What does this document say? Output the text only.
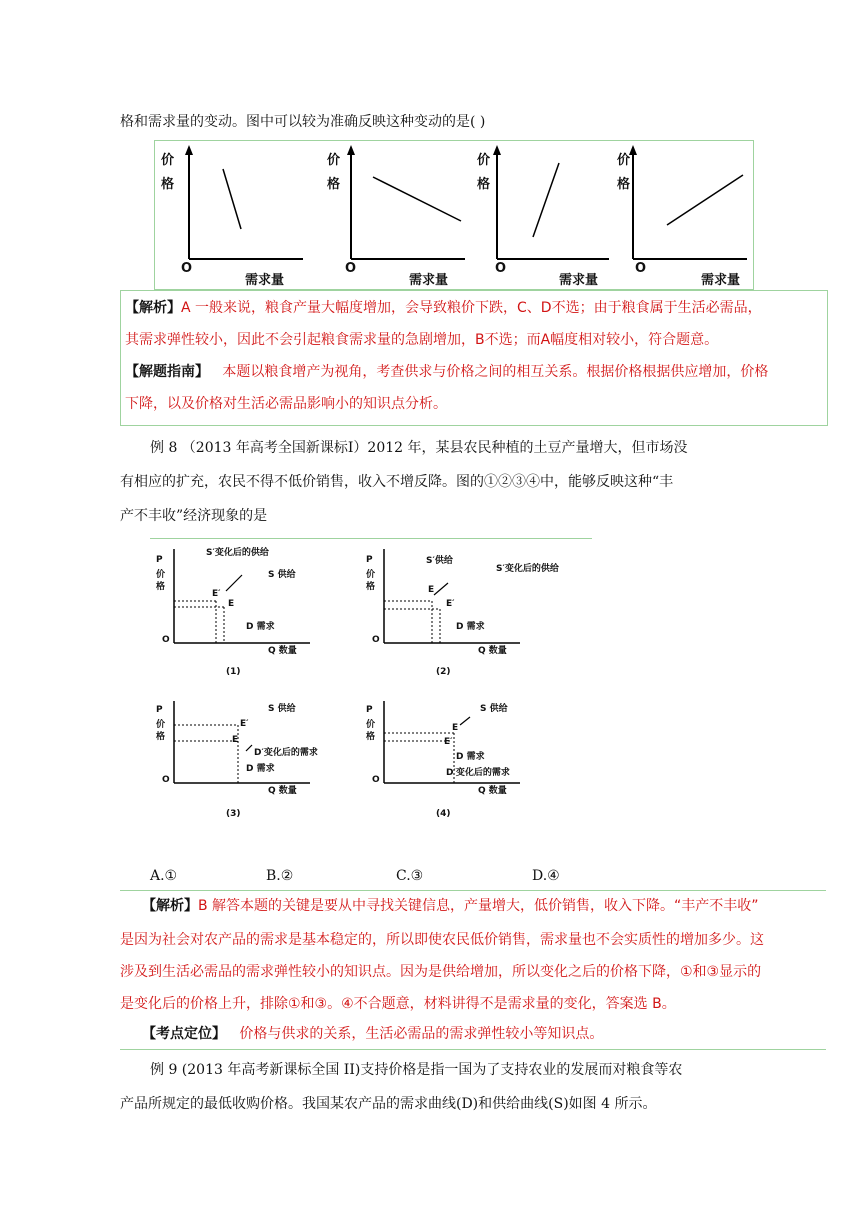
格和需求量的变动。图中可以较为准确反映这种变动的是( )
价
格
O
需求量
价
格
O
需求量
价
格
O
需求量
价
格
O
需求量
【解析】A 一般来说，粮食产量大幅度增加，会导致粮价下跌，C、D不选；由于粮食属于生活必需品，
其需求弹性较小，因此不会引起粮食需求量的急剧增加，B不选；而A幅度相对较小，符合题意。
【解题指南】 本题以粮食增产为视角，考查供求与价格之间的相互关系。根据价格根据供应增加，价格
下降，以及价格对生活必需品影响小的知识点分析。
例 8 （2013 年高考全国新课标Ⅰ）2012 年，某县农民种植的土豆产量增大，但市场没
有相应的扩充，农民不得不低价销售，收入不增反降。图的①②③④中，能够反映这种“丰
产不丰收”经济现象的是
P
价
格
S′变化后的供给
S 供给
E′
E
D 需求
O
Q 数量
(1)
P
价
格
S′供给
S′变化后的供给
E
E′
D 需求
O
Q 数量
(2)
P
价
格
S 供给
E′
E
D′变化后的需求
D 需求
O
Q 数量
(3)
P
价
格
S 供给
E
E′
D 需求
D′变化后的需求
O
Q 数量
(4)
A.①	B.②	C.③	D.④
【解析】B 解答本题的关键是要从中寻找关键信息，产量增大，低价销售，收入下降。“丰产不丰收”
是因为社会对农产品的需求是基本稳定的，所以即使农民低价销售，需求量也不会实质性的增加多少。这
涉及到生活必需品的需求弹性较小的知识点。因为是供给增加，所以变化之后的价格下降，①和③显示的
是变化后的价格上升，排除①和③。④不合题意，材料讲得不是需求量的变化，答案选 B。
【考点定位】 价格与供求的关系，生活必需品的需求弹性较小等知识点。
例 9 (2013 年高考新课标全国 II)支持价格是指一国为了支持农业的发展而对粮食等农
产品所规定的最低收购价格。我国某农产品的需求曲线(D)和供给曲线(S)如图 4 所示。
